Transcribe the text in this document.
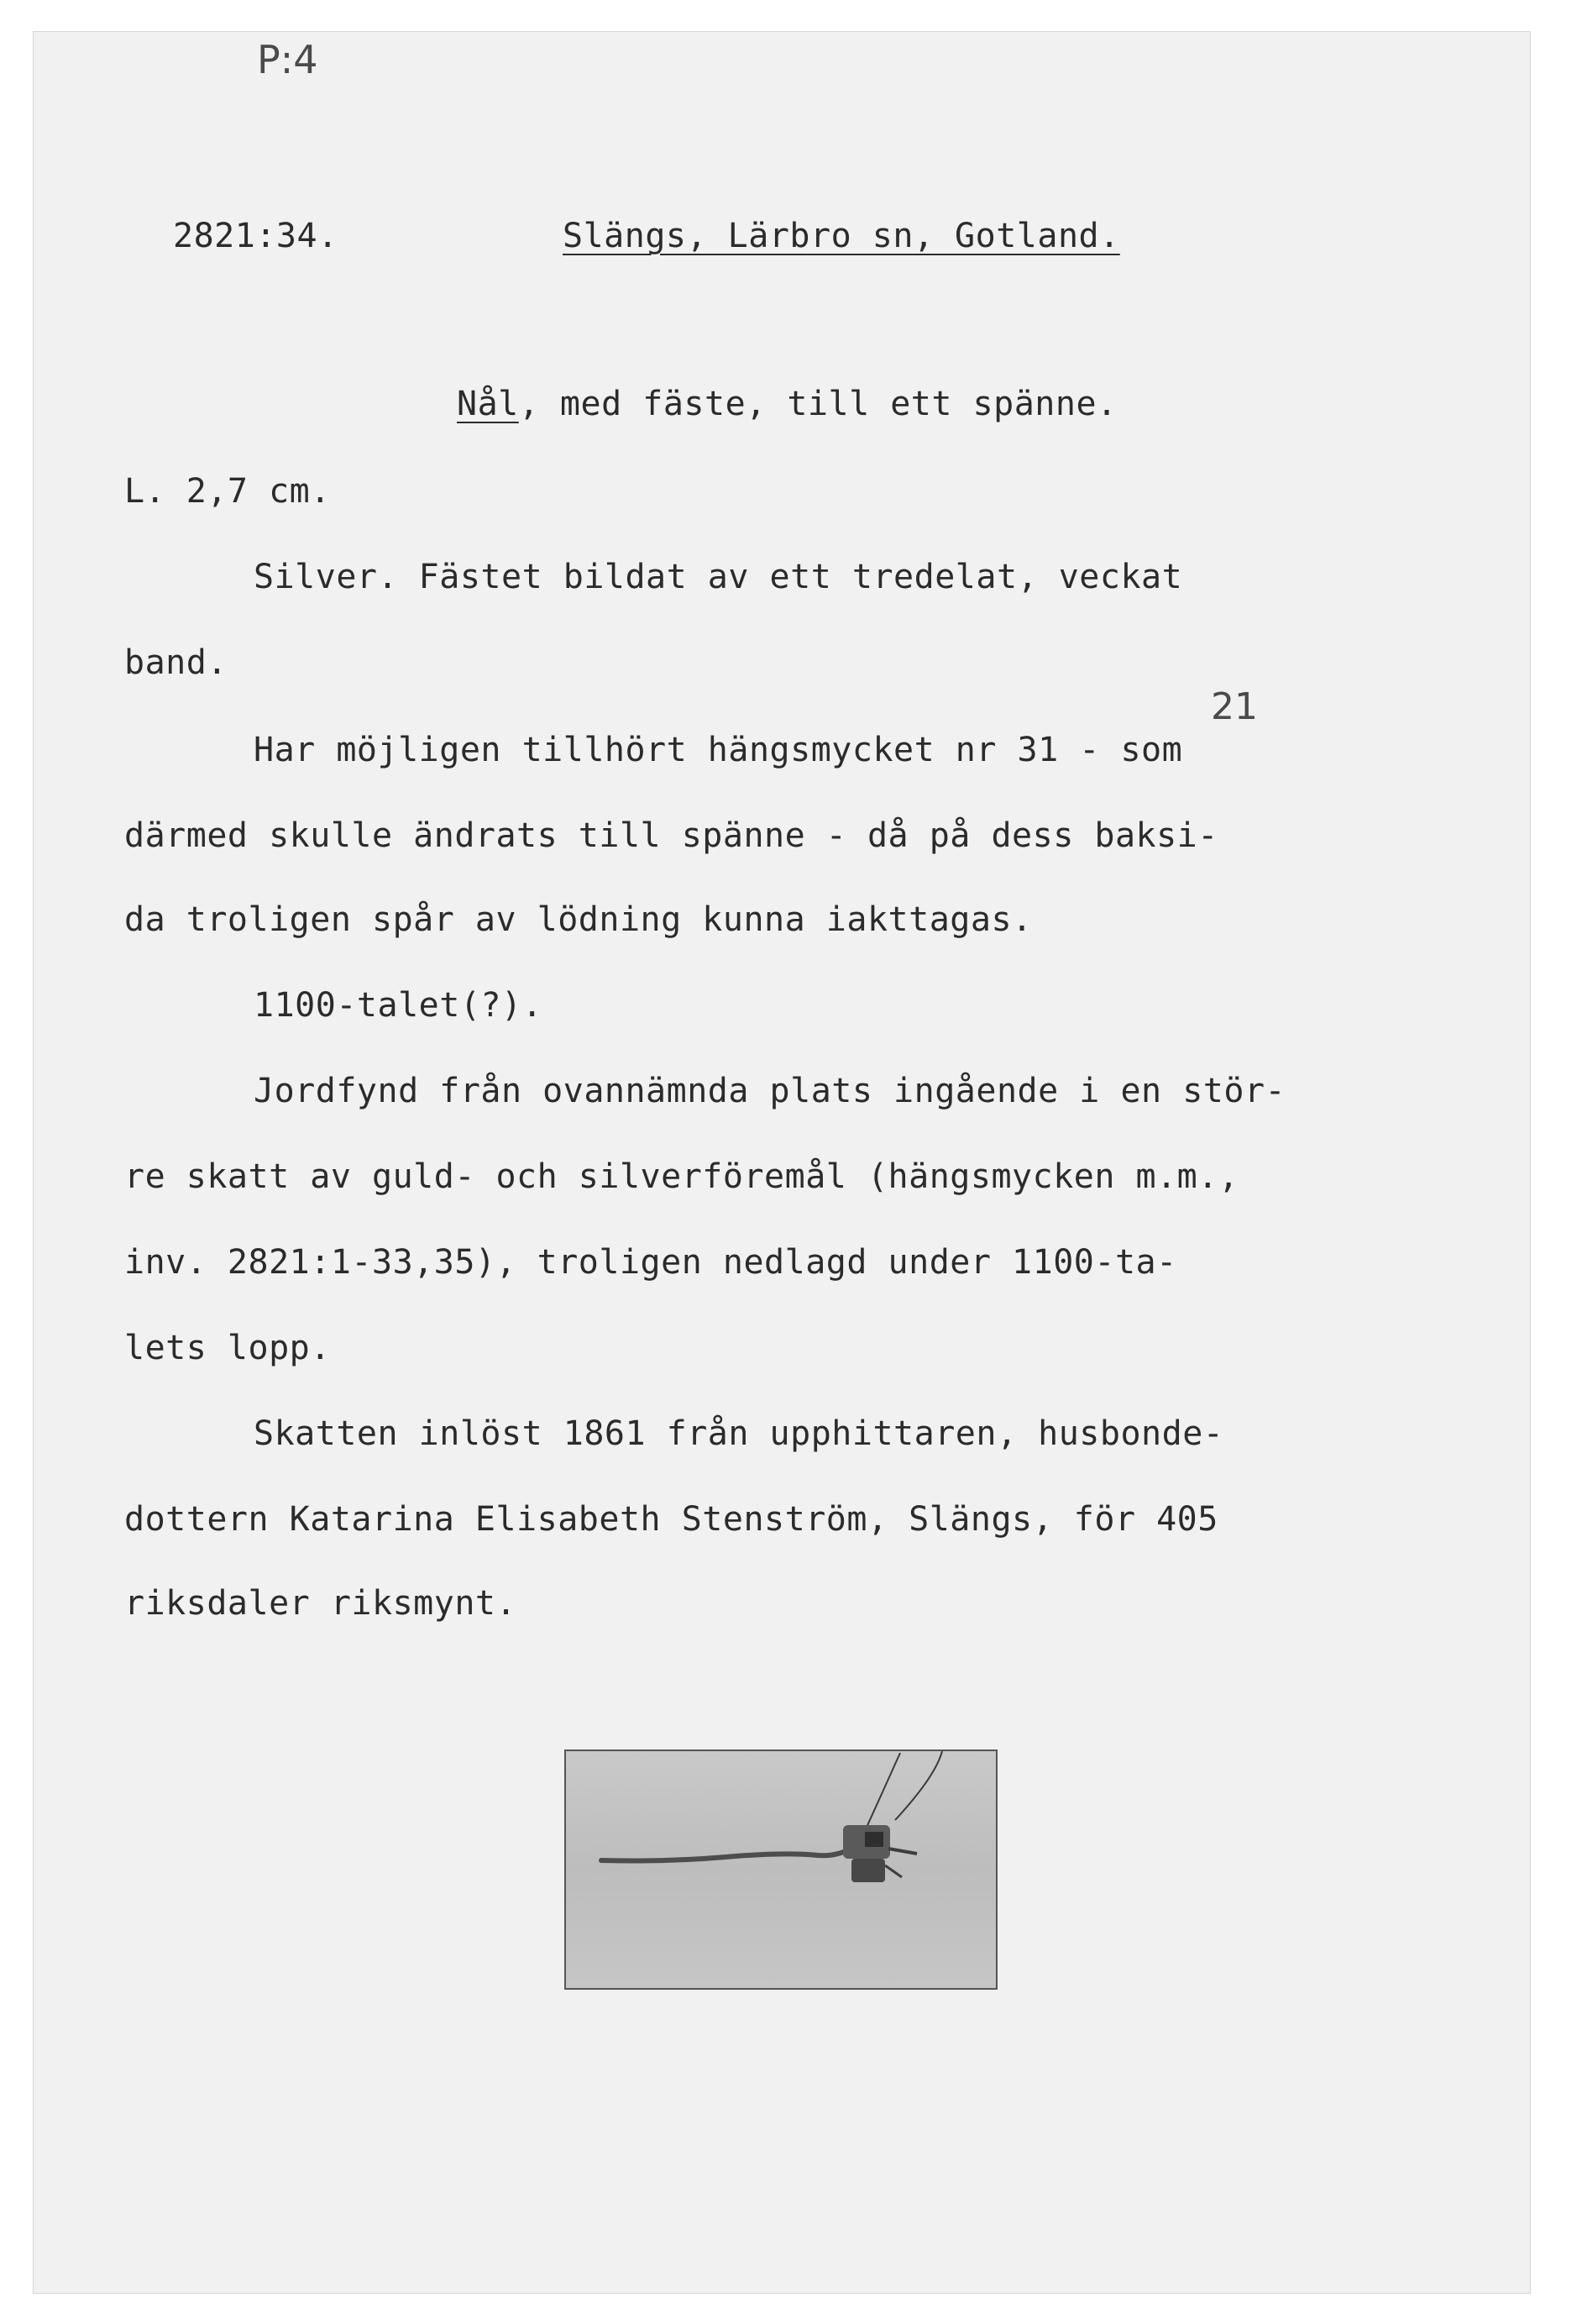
P:4
21
2821:34.	Slängs, Lärbro sn, Gotland.
Nål, med fäste, till ett spänne.
L. 2,7 cm.
Silver. Fästet bildat av ett tredelat, veckat
band.
Har möjligen tillhört hängsmycket nr 31 - som
därmed skulle ändrats till spänne - då på dess baksi-
da troligen spår av lödning kunna iakttagas.
1100-talet(?).
Jordfynd från ovannämnda plats ingående i en stör-
re skatt av guld- och silverföremål (hängsmycken m.m.,
inv. 2821:1-33,35), troligen nedlagd under 1100-ta-
lets lopp.
Skatten inlöst 1861 från upphittaren, husbonde-
dottern Katarina Elisabeth Stenström, Slängs, för 405
riksdaler riksmynt.
